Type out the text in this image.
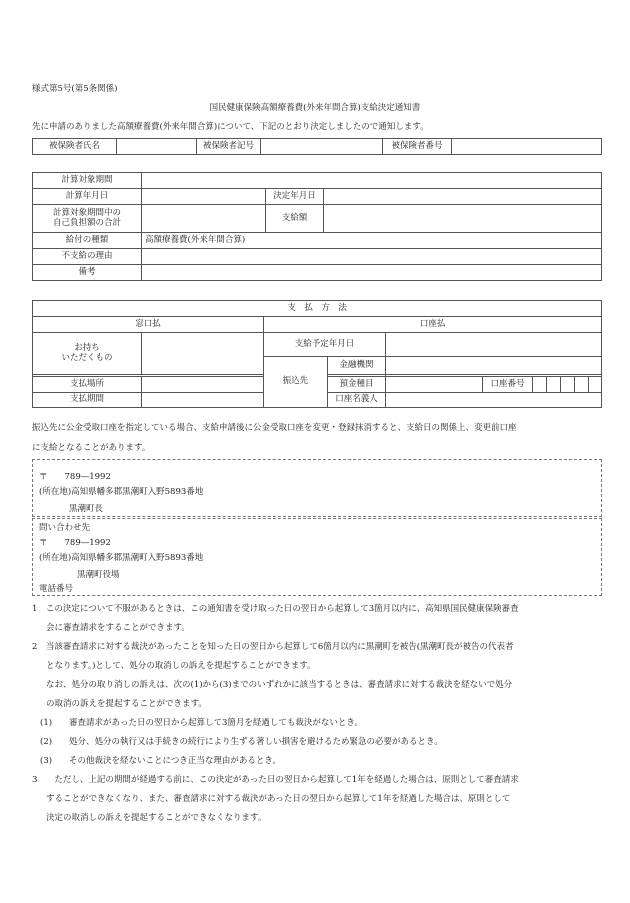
様式第5号(第5条関係)
国民健康保険高額療養費(外来年間合算)支給決定通知書
先に申請のありました高額療養費(外来年間合算)について、下記のとおり決定しましたので通知します。
被保険者氏名		被保険者記号		被保険者番号	
計算対象期間			
計算年月日		決定年月日	

計算対象期間中の
自己負担額の合計		支給額	
給付の種類	高額療養費(外来年間合算)		
不支給の理由			
備考			
支　払　方　法										
窓口払		口座払								

お持ち
いただくもの		支給予定年月日								
		振込先	金融機関							

支払場所			預金種目		口座番号					
支払期間			口座名義人							
振込先に公金受取口座を指定している場合、支給申請後に公金受取口座を変更・登録抹消すると、支給日の関係上、変更前口座
に支給となることがあります。
〒　　789―1992
(所在地)高知県幡多郡黒潮町入野5893番地
黒潮町長
問い合わせ先
〒　　789―1992
(所在地)高知県幡多郡黒潮町入野5893番地
黒潮町役場
電話番号
1　この決定について不服があるときは、この通知書を受け取った日の翌日から起算して3箇月以内に、高知県国民健康保険審査
会に審査請求をすることができます。
2　当該審査請求に対する裁決があったことを知った日の翌日から起算して6箇月以内に黒潮町を被告(黒潮町長が被告の代表者
となります。)として、処分の取消しの訴えを提起することができます。
なお、処分の取り消しの訴えは、次の(1)から(3)までのいずれかに該当するときは、審査請求に対する裁決を経ないで処分
の取消の訴えを提起することができます。
(1)　　審査請求があった日の翌日から起算して3箇月を経過しても裁決がないとき。
(2)　　処分、処分の執行又は手続きの続行により生ずる著しい損害を避けるため緊急の必要があるとき。
(3)　　その他裁決を経ないことにつき正当な理由があるとき。
3　　ただし、上記の期間が経過する前に、この決定があった日の翌日から起算して1年を経過した場合は、原則として審査請求
することができなくなり、また、審査請求に対する裁決があった日の翌日から起算して1年を経過した場合は、原則として
決定の取消しの訴えを提起することができなくなります。
